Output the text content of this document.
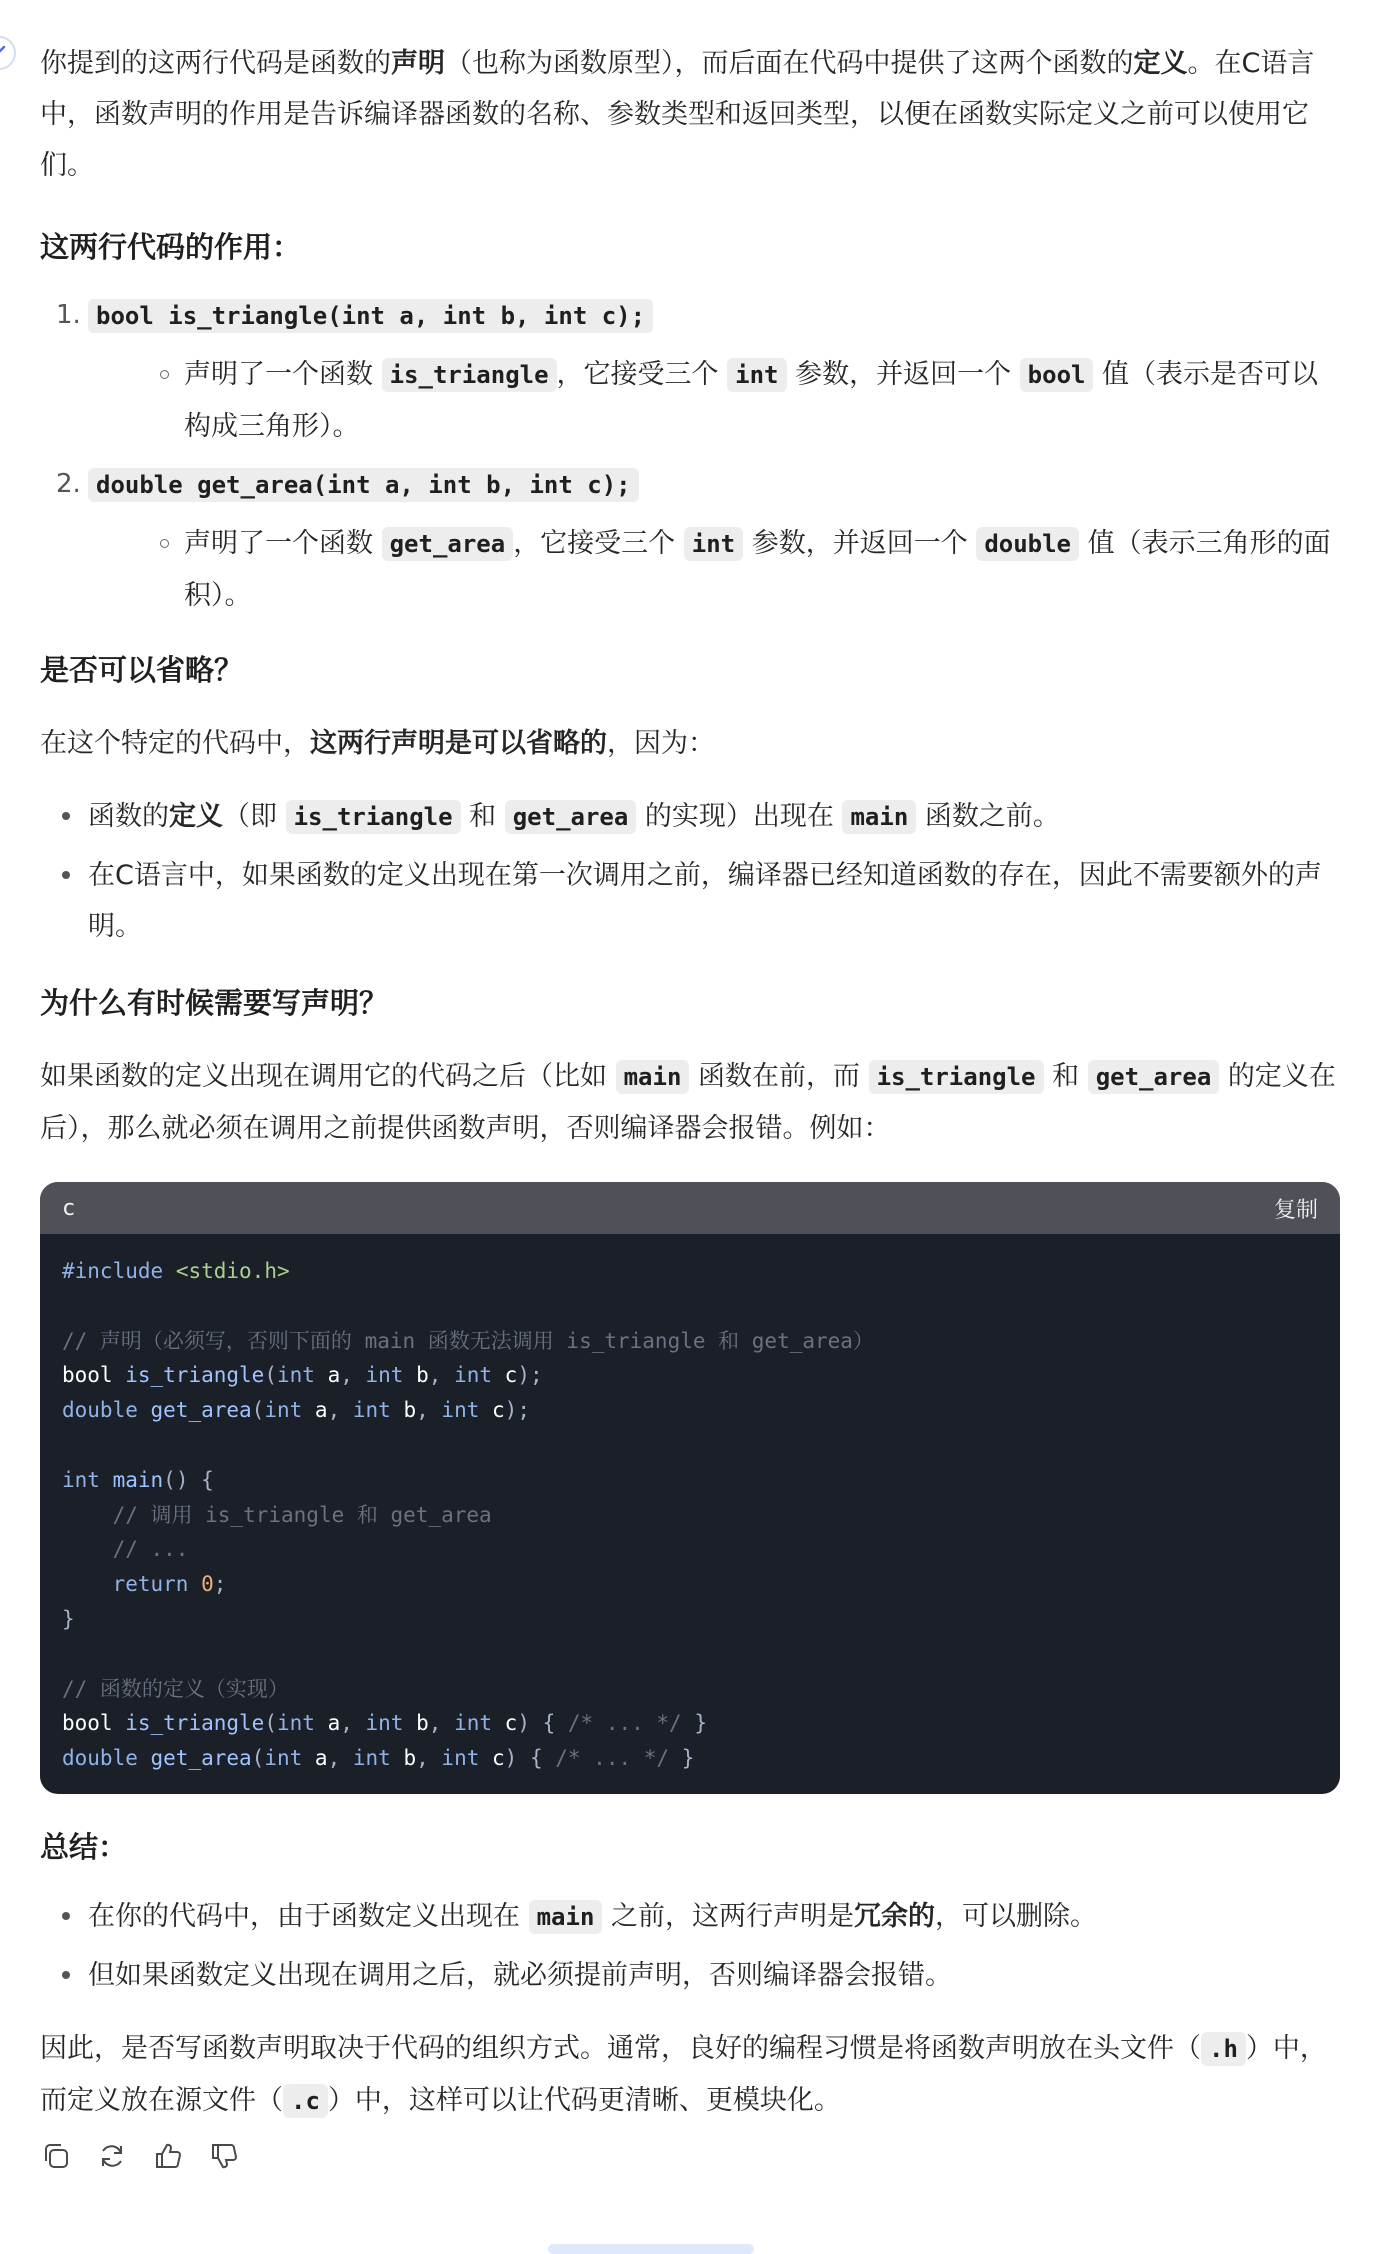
你提到的这两行代码是函数的声明（也称为函数原型），而后面在代码中提供了这两个函数的定义。在C语言中，函数声明的作用是告诉编译器函数的名称、参数类型和返回类型，以便在函数实际定义之前可以使用它们。

这两行代码的作用：
1. bool is_triangle(int a, int b, int c);

声明了一个函数 is_triangle ，它接受三个 int 参数，并返回一个 bool 值（表示是否可以构成三角形）。

2. double get_area(int a, int b, int c);

声明了一个函数 get_area ，它接受三个 int 参数，并返回一个 double 值（表示三角形的面积）。

是否可以省略？

在这个特定的代码中，这两行声明是可以省略的，因为：

函数的定义（即 is_triangle 和 get_area 的实现）出现在 main 函数之前。

在C语言中，如果函数的定义出现在第一次调用之前，编译器已经知道函数的存在，因此不需要额外的声明。

为什么有时候需要写声明？

如果函数的定义出现在调用它的代码之后（比如 main 函数在前，而 is_triangle 和 get_area 的定义在后），那么就必须在调用之前提供函数声明，否则编译器会报错。例如：

c	复制
#include <stdio.h>
// 声明（必须写，否则下面的 main 函数无法调用 is_triangle 和 get_area）
bool is_triangle(int a, int b, int c);
double get_area(int a, int b, int c);
int main() {
// 调用 is_triangle 和 get_area
// ...
return 0;
}
// 函数的定义（实现）
bool is_triangle(int a, int b, int c) { /* ... */ }
double get_area(int a, int b, int c) { /* ... */ }
总结：

在你的代码中，由于函数定义出现在 main 之前，这两行声明是冗余的，可以删除。

但如果函数定义出现在调用之后，就必须提前声明，否则编译器会报错。

因此，是否写函数声明取决于代码的组织方式。通常，良好的编程习惯是将函数声明放在头文件（ .h ）中，而定义放在源文件（ .c ）中，这样可以让代码更清晰、更模块化。
